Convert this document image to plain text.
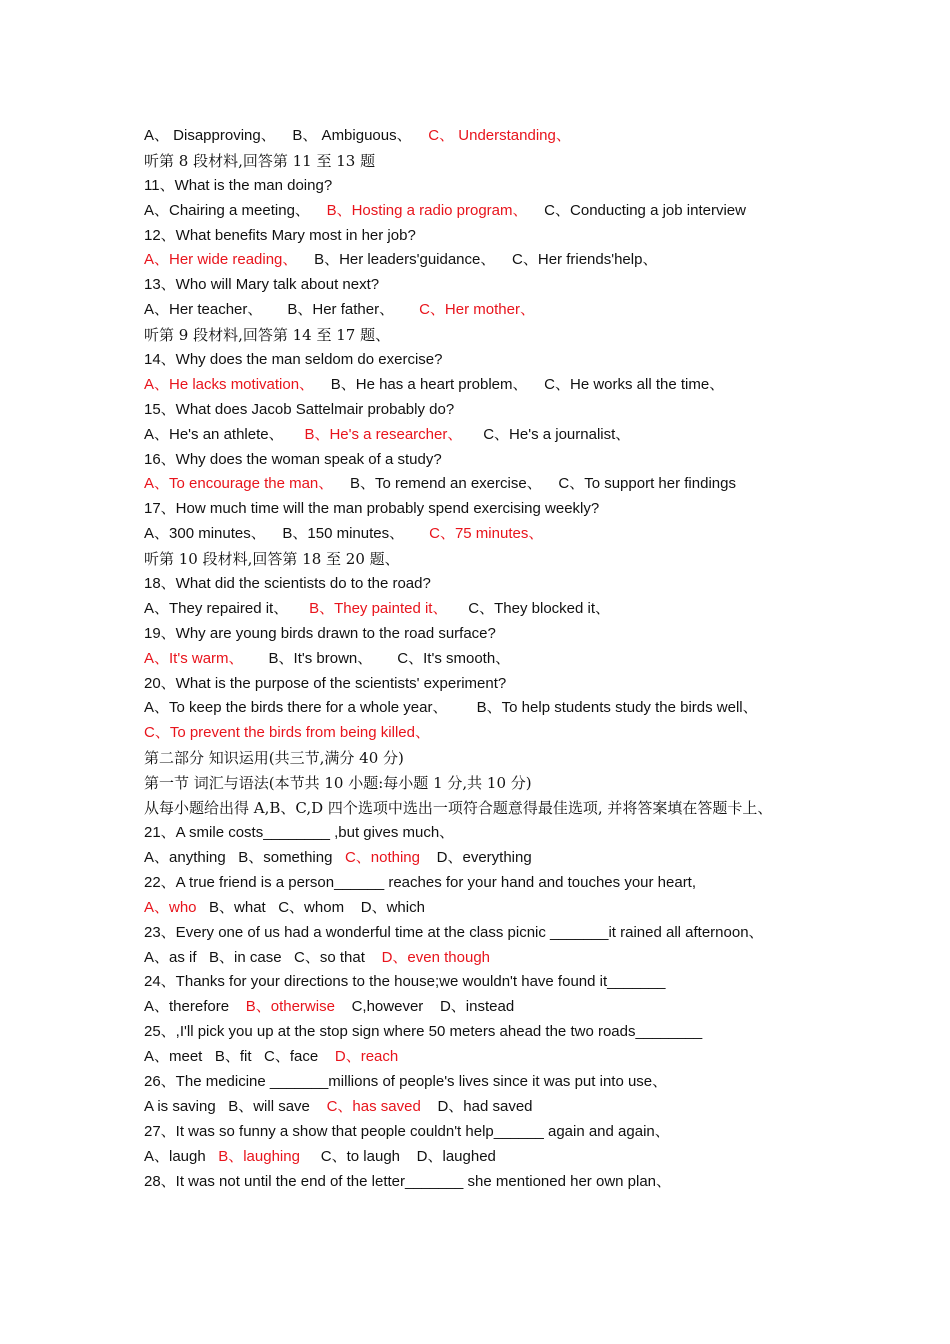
A、 Disapproving、    B、 Ambiguous、    C、 Understanding、
听第 8 段材料,回答第 11 至 13 题
11、What is the man doing?
A、Chairing a meeting、    B、Hosting a radio program、    C、Conducting a job interview
12、What benefits Mary most in her job?
A、Her wide reading、    B、Her leaders'guidance、    C、Her friends'help、
13、Who will Mary talk about next?
A、Her teacher、      B、Her father、      C、Her mother、
听第 9 段材料,回答第 14 至 17 题、
14、Why does the man seldom do exercise?
A、He lacks motivation、    B、He has a heart problem、    C、He works all the time、
15、What does Jacob Sattelmair probably do?
A、He's an athlete、     B、He's a researcher、     C、He's a journalist、
16、Why does the woman speak of a study?
A、To encourage the man、    B、To remend an exercise、    C、To support her findings
17、How much time will the man probably spend exercising weekly?
A、300 minutes、    B、150 minutes、      C、75 minutes、
听第 10 段材料,回答第 18 至 20 题、
18、What did the scientists do to the road?
A、They repaired it、     B、They painted it、     C、They blocked it、
19、Why are young birds drawn to the road surface?
A、It's warm、      B、It's brown、      C、It's smooth、
20、What is the purpose of the scientists' experiment?
A、To keep the birds there for a whole year、       B、To help students study the birds well、
C、To prevent the birds from being killed、
第二部分 知识运用(共三节,满分 40 分)
第一节 词汇与语法(本节共 10 小题:每小题 1 分,共 10 分)
从每小题给出得 A,B、C,D 四个选项中选出一项符合题意得最佳选项, 并将答案填在答题卡上、
21、A smile costs________ ,but gives much、
A、anything   B、something   C、nothing    D、everything
22、A true friend is a person______ reaches for your hand and touches your heart,
A、who   B、what   C、whom    D、which
23、Every one of us had a wonderful time at the class picnic _______it rained all afternoon、
A、as if   B、in case   C、so that    D、even though
24、Thanks for your directions to the house;we wouldn't have found it_______
A、therefore    B、otherwise    C,however    D、instead
25、,I'll pick you up at the stop sign where 50 meters ahead the two roads________
A、meet   B、fit   C、face    D、reach
26、The medicine _______millions of people's lives since it was put into use、
A is saving   B、will save    C、has saved    D、had saved
27、It was so funny a show that people couldn't help______ again and again、
A、laugh   B、laughing     C、to laugh    D、laughed
28、It was not until the end of the letter_______ she mentioned her own plan、
